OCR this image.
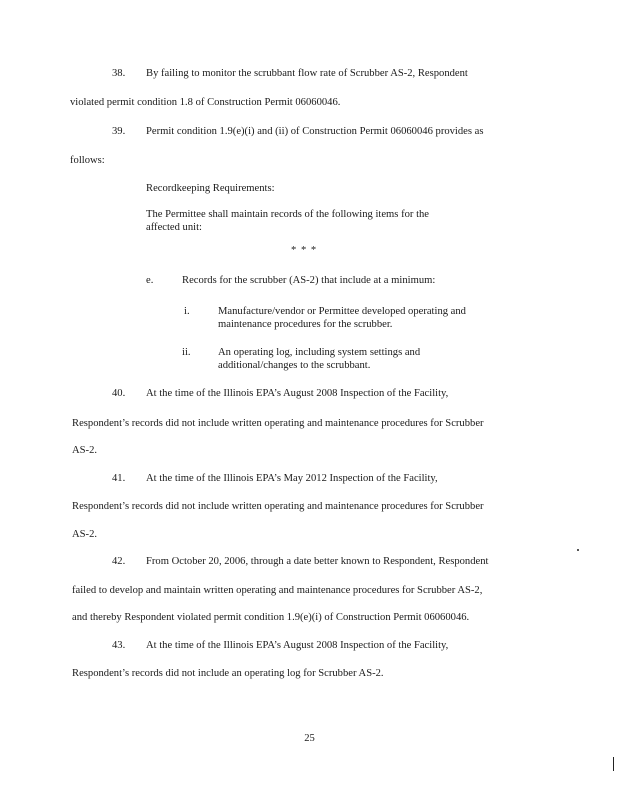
38. By failing to monitor the scrubbant flow rate of Scrubber AS-2, Respondent
violated permit condition 1.8 of Construction Permit 06060046.
39. Permit condition 1.9(e)(i) and (ii) of Construction Permit 06060046 provides as
follows:
Recordkeeping Requirements:
The Permittee shall maintain records of the following items for the
affected unit:
* * *
e.	Records for the scrubber (AS-2) that include at a minimum:
i.	Manufacture/vendor or Permittee developed operating and
maintenance procedures for the scrubber.
ii.	An operating log, including system settings and
additional/changes to the scrubbant.
40. At the time of the Illinois EPA’s August 2008 Inspection of the Facility,
Respondent’s records did not include written operating and maintenance procedures for Scrubber
AS-2.
41. At the time of the Illinois EPA’s May 2012 Inspection of the Facility,
Respondent’s records did not include written operating and maintenance procedures for Scrubber
AS-2.
42. From October 20, 2006, through a date better known to Respondent, Respondent
failed to develop and maintain written operating and maintenance procedures for Scrubber AS-2,
and thereby Respondent violated permit condition 1.9(e)(i) of Construction Permit 06060046.
43. At the time of the Illinois EPA’s August 2008 Inspection of the Facility,
Respondent’s records did not include an operating log for Scrubber AS-2.
25
